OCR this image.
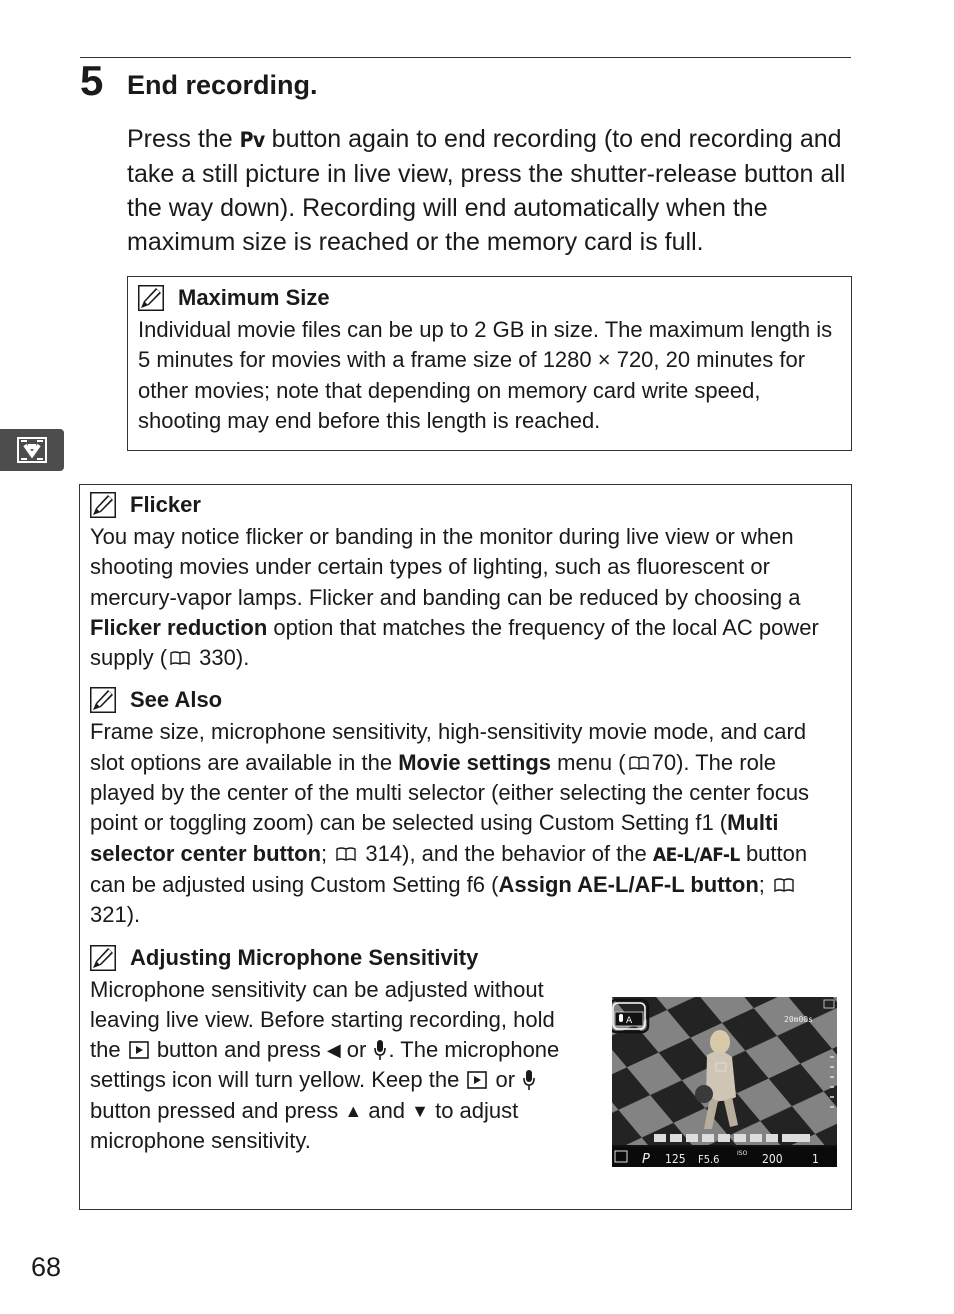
5 End recording.

Press the Pv button again to end recording (to end recording and take a still picture in live view, press the shutter-release button all the way down). Recording will end automatically when the maximum size is reached or the memory card is full.

Maximum Size

Individual movie files can be up to 2 GB in size. The maximum length is 5 minutes for movies with a frame size of 1280 × 720, 20 minutes for other movies; note that depending on memory card write speed, shooting may end before this length is reached.

Flicker

You may notice flicker or banding in the monitor during live view or when shooting movies under certain types of lighting, such as fluorescent or mercury-vapor lamps. Flicker and banding can be reduced by choosing a Flicker reduction option that matches the frequency of the local AC power supply ( 330).

See Also

Frame size, microphone sensitivity, high-sensitivity movie mode, and card slot options are available in the Movie settings menu ( 70). The role played by the center of the multi selector (either selecting the center focus point or toggling zoom) can be selected using Custom Setting f1 (Multi selector center button;  314), and the behavior of the AE-L/AF-L button can be adjusted using Custom Setting f6 (Assign AE-L/AF-L button;  321).

Adjusting Microphone Sensitivity

Microphone sensitivity can be adjusted without leaving live view. Before starting recording, hold the  button and press ◀ or . The microphone settings icon will turn yellow. Keep the  or  button pressed and press ▲ and ▼ to adjust microphone sensitivity.

A	20m00s
P 125 F5.6	ISO 200 1
68
